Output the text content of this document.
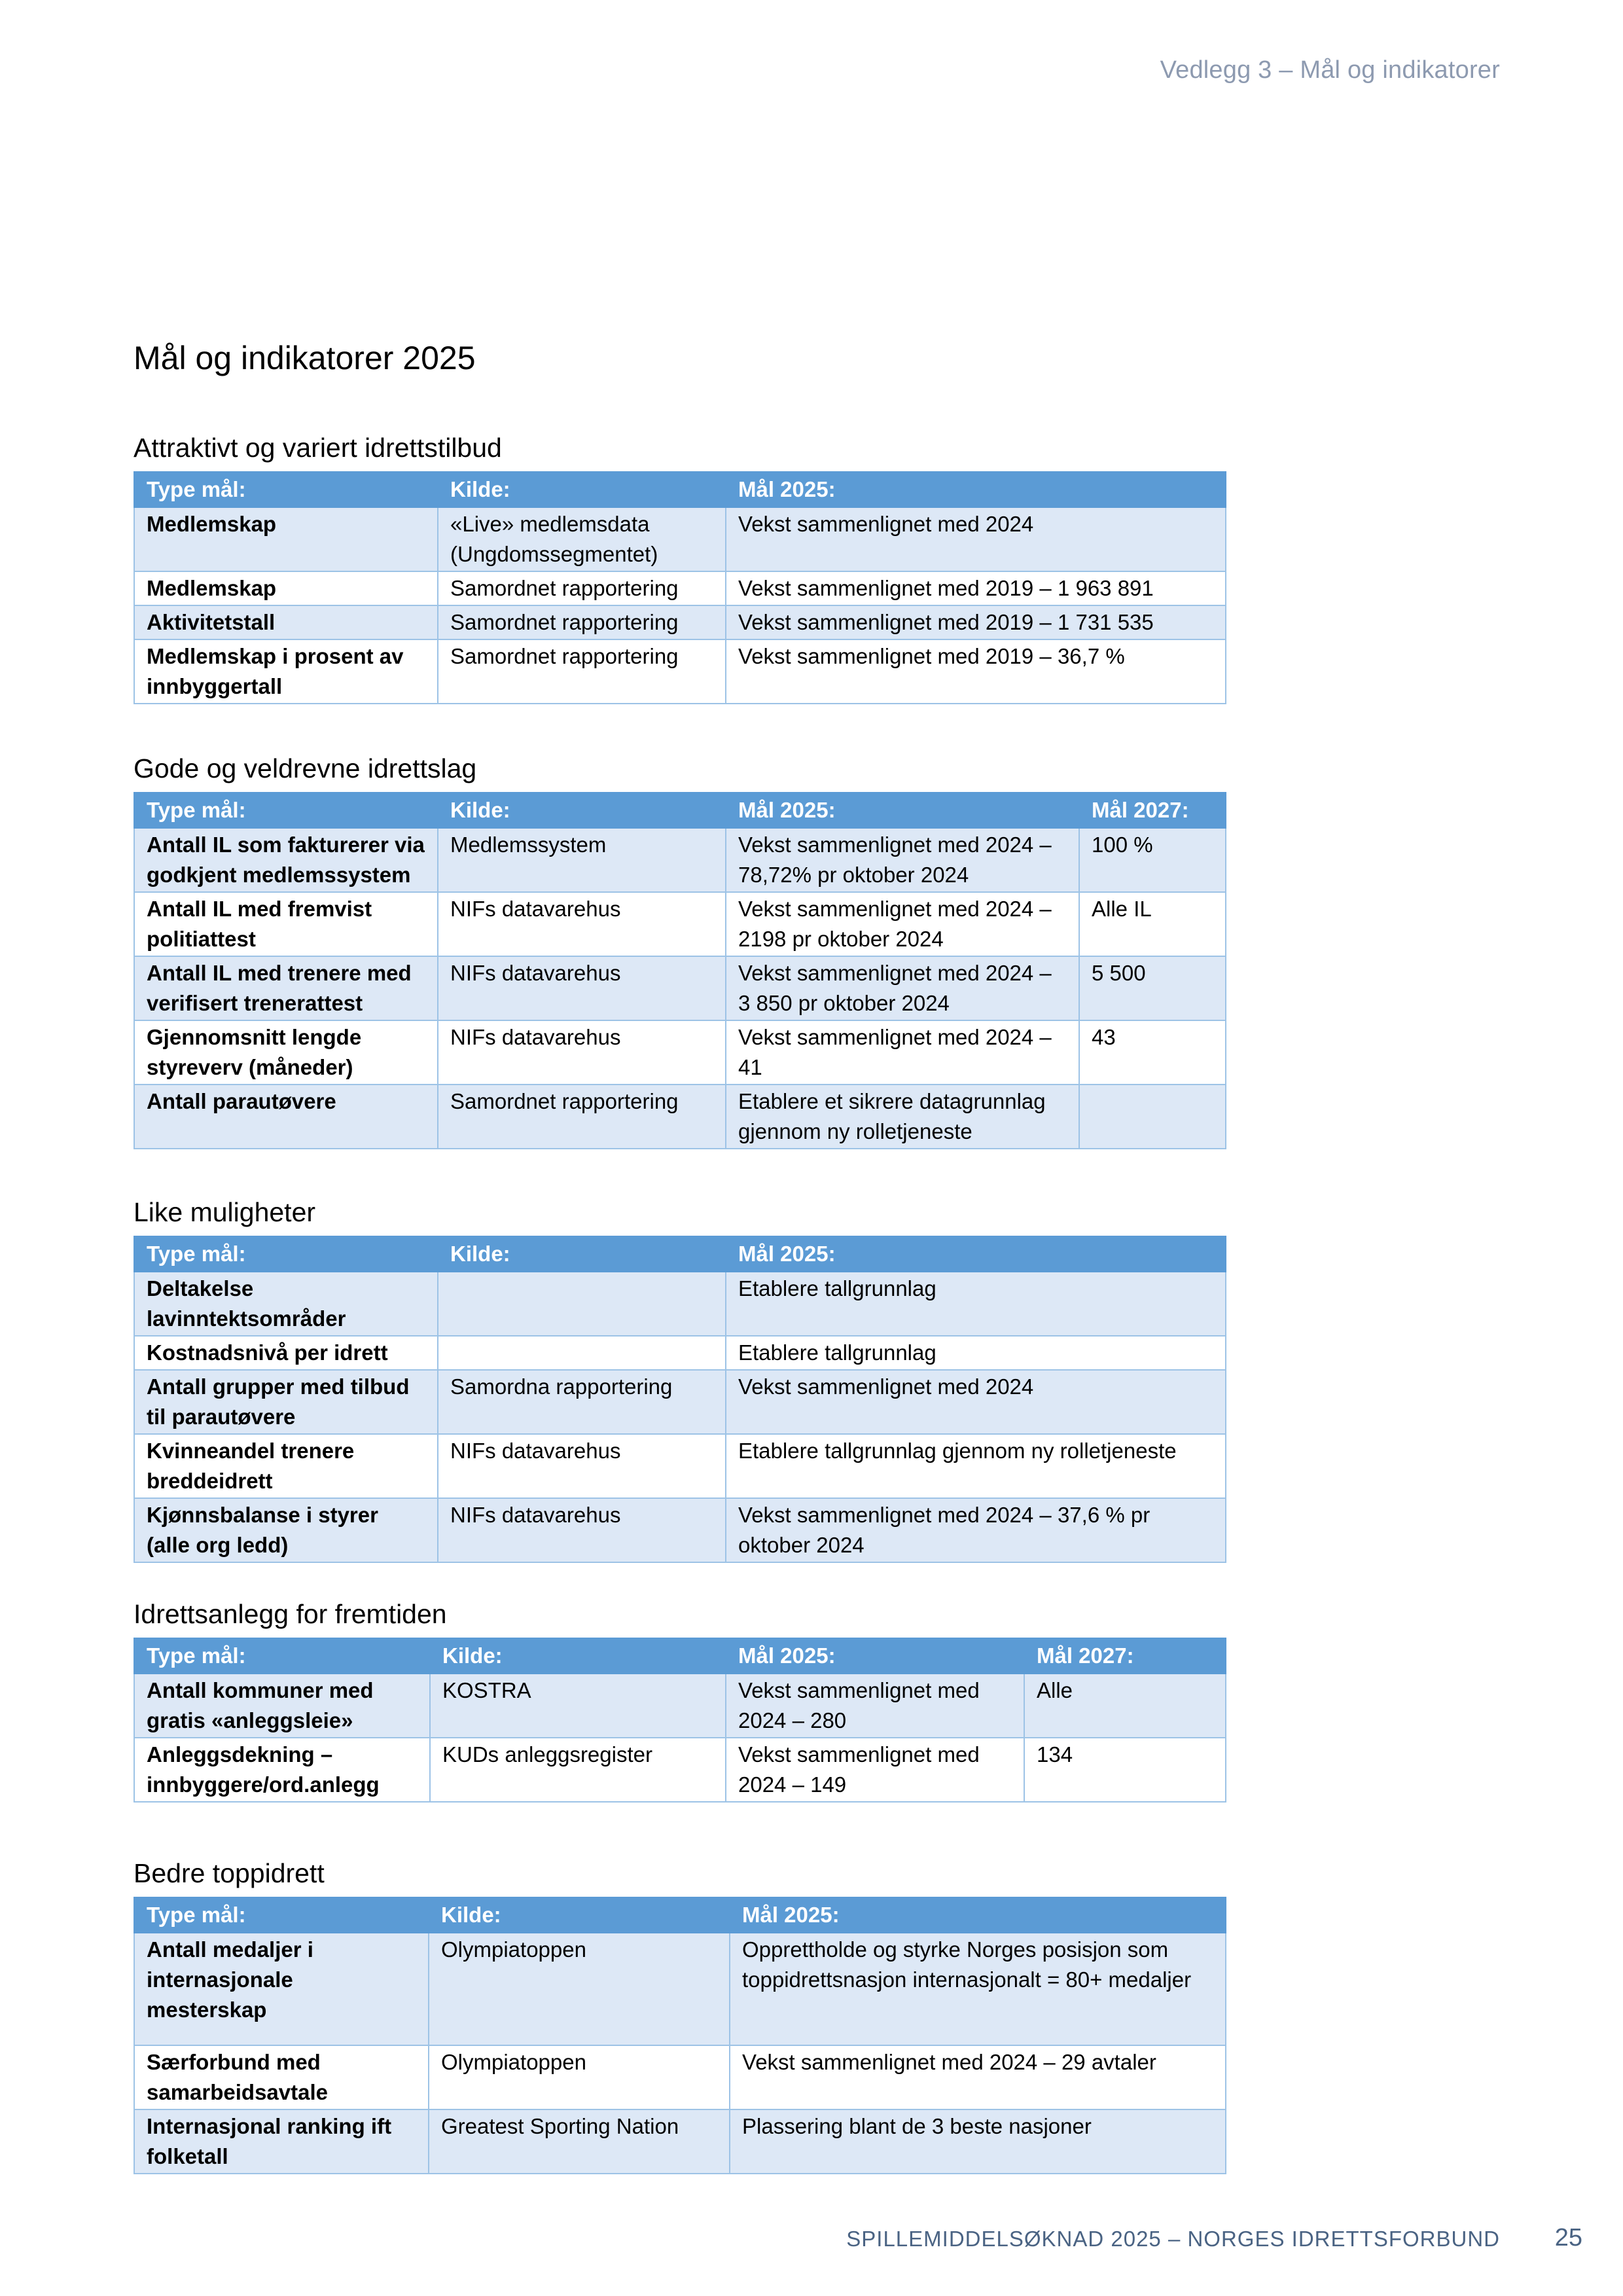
Vedlegg 3 – Mål og indikatorer
Mål og indikatorer 2025
Attraktivt og variert idrettstilbud
Type mål:	Kilde:	Mål 2025:
Medlemskap	«Live» medlemsdata (Ungdomssegmentet)	Vekst sammenlignet med 2024
Medlemskap	Samordnet rapportering	Vekst sammenlignet med 2019 – 1 963 891
Aktivitetstall	Samordnet rapportering	Vekst sammenlignet med 2019 – 1 731 535
Medlemskap i prosent av innbyggertall	Samordnet rapportering	Vekst sammenlignet med 2019 – 36,7 %
Gode og veldrevne idrettslag
Type mål:	Kilde:	Mål 2025:	Mål 2027:
Antall IL som fakturerer via godkjent medlemssystem	Medlemssystem	Vekst sammenlignet med 2024 – 78,72% pr oktober 2024	100 %
Antall IL med fremvist politiattest	NIFs datavarehus	Vekst sammenlignet med 2024 – 2198 pr oktober 2024	Alle IL
Antall IL med trenere med verifisert trenerattest	NIFs datavarehus	Vekst sammenlignet med 2024 – 3 850 pr oktober 2024	5 500
Gjennomsnitt lengde styreverv (måneder)	NIFs datavarehus	Vekst sammenlignet med 2024 – 41	43
Antall parautøvere	Samordnet rapportering	Etablere et sikrere datagrunnlag gjennom ny rolletjeneste	
Like muligheter
Type mål:	Kilde:	Mål 2025:
Deltakelse lavinntektsområder		Etablere tallgrunnlag
Kostnadsnivå per idrett		Etablere tallgrunnlag
Antall grupper med tilbud til parautøvere	Samordna rapportering	Vekst sammenlignet med 2024
Kvinneandel trenere breddeidrett	NIFs datavarehus	Etablere tallgrunnlag gjennom ny rolletjeneste
Kjønnsbalanse i styrer (alle org ledd)	NIFs datavarehus	Vekst sammenlignet med 2024 – 37,6 % pr oktober 2024
Idrettsanlegg for fremtiden
Type mål:	Kilde:	Mål 2025:	Mål 2027:
Antall kommuner med gratis «anleggsleie»	KOSTRA	Vekst sammenlignet med 2024 – 280	Alle
Anleggsdekning – innbyggere/ord.anlegg	KUDs anleggsregister	Vekst sammenlignet med 2024 – 149	134
Bedre toppidrett
Type mål:	Kilde:	Mål 2025:
Antall medaljer i internasjonale mesterskap	Olympiatoppen	Opprettholde og styrke Norges posisjon som toppidrettsnasjon internasjonalt = 80+ medaljer
Særforbund med samarbeidsavtale	Olympiatoppen	Vekst sammenlignet med 2024 – 29 avtaler
Internasjonal ranking ift folketall	Greatest Sporting Nation	Plassering blant de 3 beste nasjoner
SPILLEMIDDELSØKNAD 2025 – NORGES IDRETTSFORBUND 25
